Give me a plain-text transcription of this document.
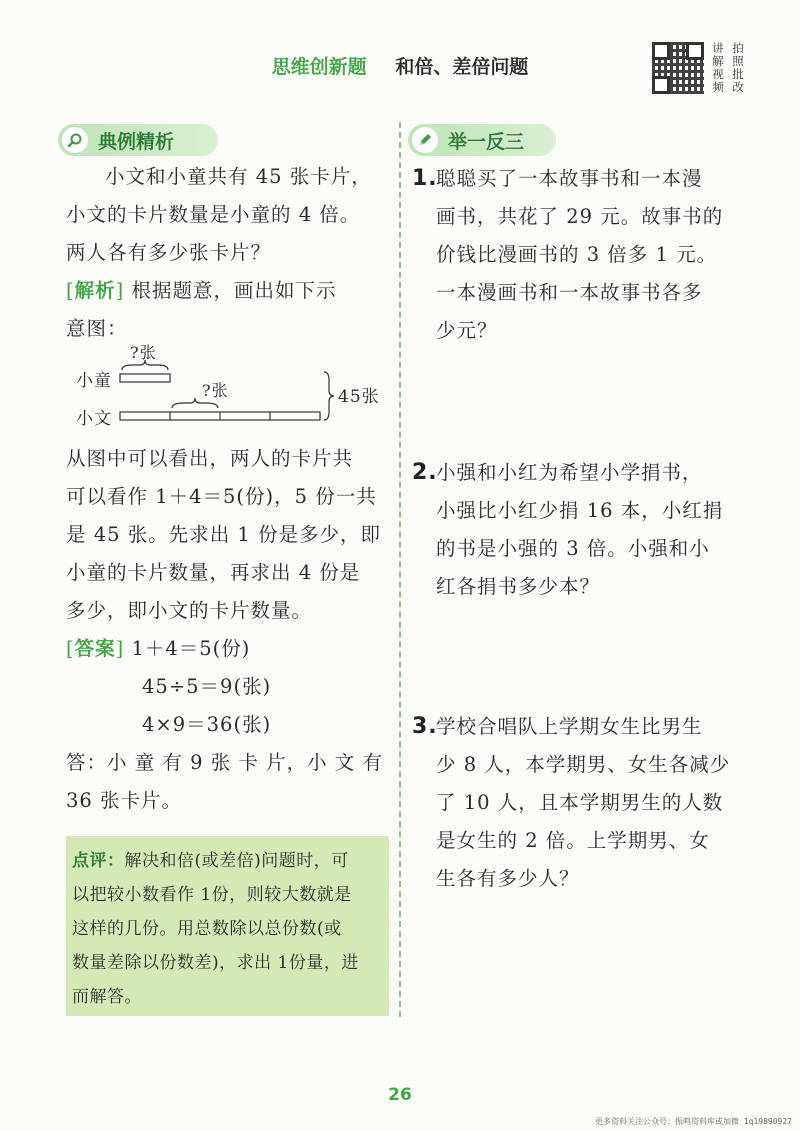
思维创新题 和倍、差倍问题
讲 拍
解 照
视 批
频 改
典例精析	举一反三

小文和小童共有 45 张卡片，

小文的卡片数量是小童的 4 倍。

两人各有多少张卡片？

[解析] 根据题意，画出如下示

意图：

小童
小文
?张
?张	45张

从图中可以看出，两人的卡片共

可以看作 1＋4＝5(份)，5 份一共

是 45 张。先求出 1 份是多少，即

小童的卡片数量，再求出 4 份是

多少，即小文的卡片数量。

[答案] 1＋4＝5(份)

45÷5＝9(张)

4×9＝36(张)

答：小 童 有 9 张 卡 片，小 文 有

36 张卡片。

点评：解决和倍(或差倍)问题时，可
以把较小数看作 1份，则较大数就是
这样的几份。用总数除以总份数(或
数量差除以份数差)，求出 1份量，进
而解答。
1.
聪聪买了一本故事书和一本漫
画书，共花了 29 元。故事书的
价钱比漫画书的 3 倍多 1 元。
一本漫画书和一本故事书各多
少元？
2.
小强和小红为希望小学捐书，
小强比小红少捐 16 本，小红捐
的书是小强的 3 倍。小强和小
红各捐书多少本？
3.
学校合唱队上学期女生比男生
少 8 人，本学期男、女生各减少
了 10 人，且本学期男生的人数
是女生的 2 倍。上学期男、女
生各有多少人？
26
更多资料关注公众号：振鸣资料库或加微 1q19890927
